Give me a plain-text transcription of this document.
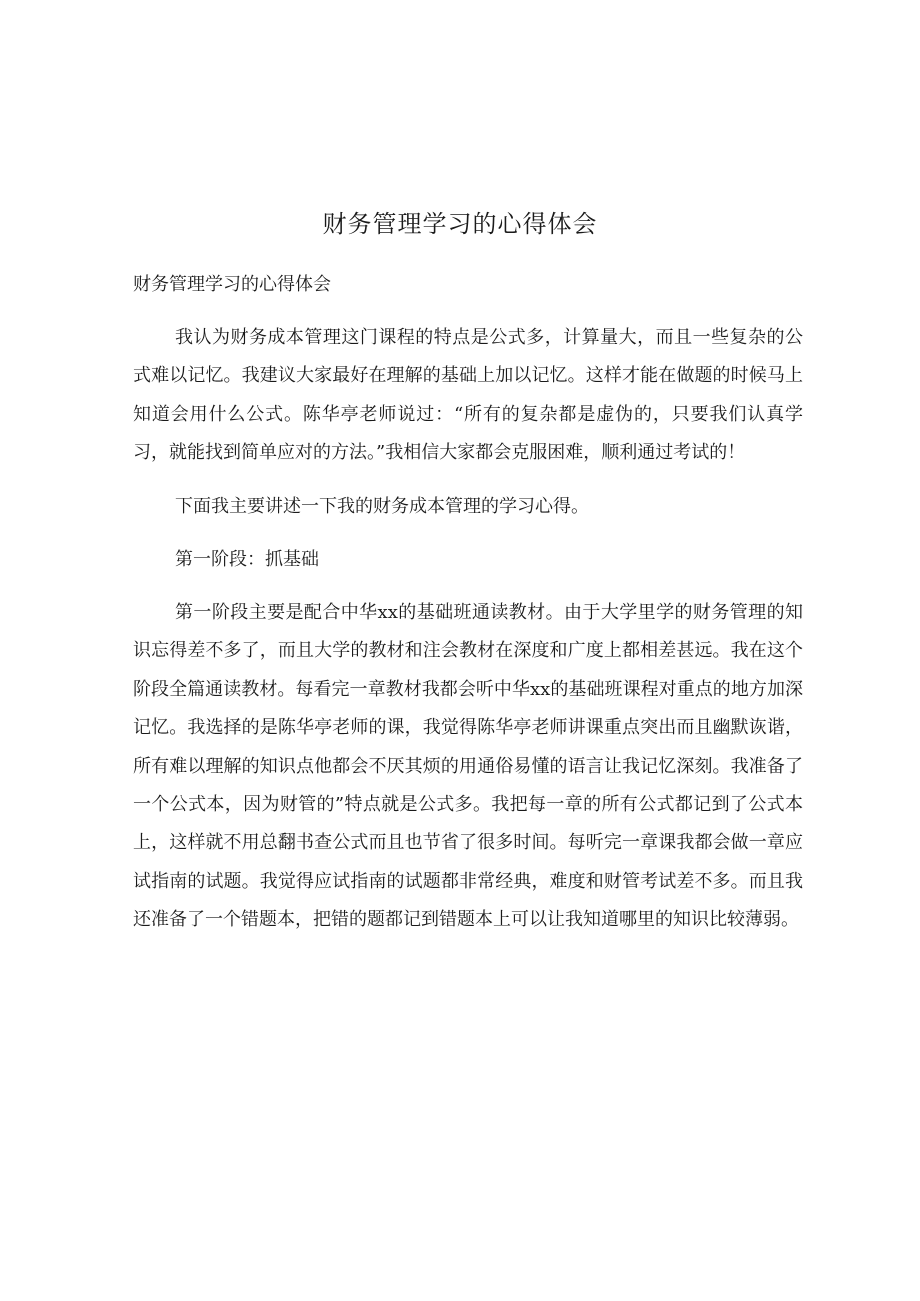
财务管理学习的心得体会

财务管理学习的心得体会

我认为财务成本管理这门课程的特点是公式多，计算量大，而且一些复杂的公式难以记忆。我建议大家最好在理解的基础上加以记忆。这样才能在做题的时候马上知道会用什么公式。陈华亭老师说过：“所有的复杂都是虚伪的，只要我们认真学习，就能找到简单应对的方法。”我相信大家都会克服困难，顺利通过考试的！

下面我主要讲述一下我的财务成本管理的学习心得。

第一阶段：抓基础

第一阶段主要是配合中华xx的基础班通读教材。由于大学里学的财务管理的知识忘得差不多了，而且大学的教材和注会教材在深度和广度上都相差甚远。我在这个阶段全篇通读教材。每看完一章教材我都会听中华xx的基础班课程对重点的地方加深记忆。我选择的是陈华亭老师的课，我觉得陈华亭老师讲课重点突出而且幽默诙谐，所有难以理解的知识点他都会不厌其烦的用通俗易懂的语言让我记忆深刻。我准备了一个公式本，因为财管的”特点就是公式多。我把每一章的所有公式都记到了公式本上，这样就不用总翻书查公式而且也节省了很多时间。每听完一章课我都会做一章应试指南的试题。我觉得应试指南的试题都非常经典，难度和财管考试差不多。而且我还准备了一个错题本，把错的题都记到错题本上可以让我知道哪里的知识比较薄弱。
